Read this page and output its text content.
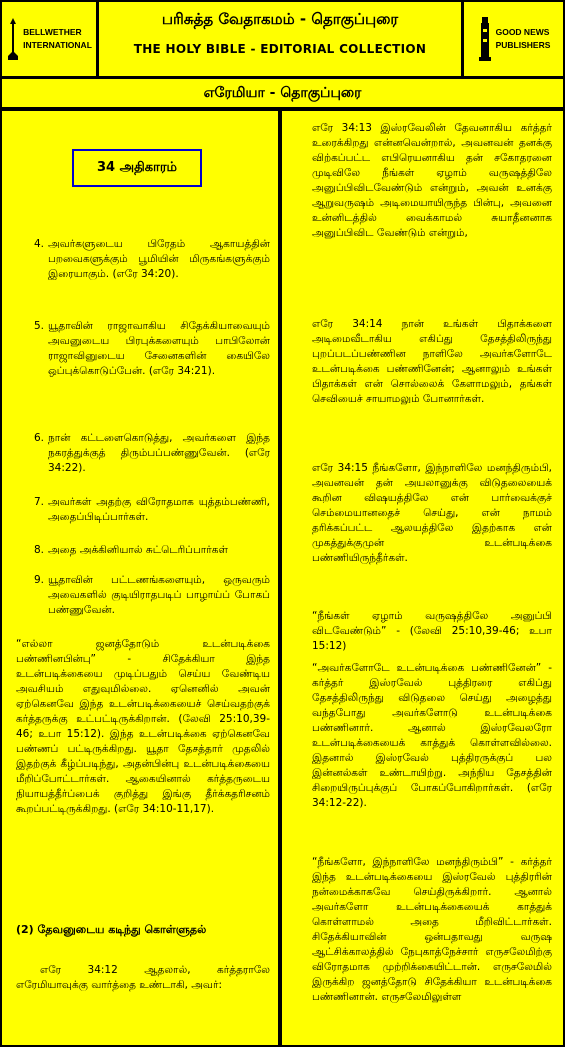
BELLWETHER
INTERNATIONAL
பரிசுத்த வேதாகமம் - தொகுப்புரை
THE HOLY BIBLE - EDITORIAL COLLECTION
GOOD NEWS
PUBLISHERS
எரேமியா - தொகுப்புரை
34 அதிகாரம்
4. அவர்களுடைய பிரேதம் ஆகாயத்தின் பறவைகளுக்கும் பூமியின் மிருகங்களுக்கும் இரையாகும். (எரே 34:20).
5. யூதாவின் ராஜாவாகிய சிதேக்கியாவையும் அவனுடைய பிரபுக்களையும் பாபிலோன் ராஜாவினுடைய சேனைகளின் கையிலே ஒப்புக்கொடுப்பேன். (எரே 34:21).
6. நான் கட்டளைகொடுத்து, அவர்களை இந்த நகரத்துக்குத் திரும்பப்பண்ணுவேன். (எரே 34:22).
7. அவர்கள் அதற்கு விரோதமாக யுத்தம்பண்ணி, அதைப்பிடிப்பார்கள்.
8. அதை அக்கினியால் சுட்டெரிப்பார்கள்
9. யூதாவின் பட்டணங்களையும், ஒருவரும் அவைகளில் குடியிராதபடிப் பாழாய்ப் போகப் பண்ணுவேன்.
“எல்லா ஜனத்தோடும் உடன்படிக்கை பண்ணினபின்பு” - சிதேக்கியா இந்த உடன்படிக்கையை முடிப்பதும் செய்ய வேண்டிய அவசியம் எதுவுமில்லை. ஏனெனில் அவன் ஏற்கெனவே இந்த உடன்படிக்கையைச் செய்வதற்குக் கர்த்தருக்கு உட்பட்டிருக்கிறான். (லேவி 25:10,39-46; உபா 15:12). இந்த உடன்படிக்கை ஏற்கெனவே பண்ணப் பட்டிருக்கிறது. யூதா தேசத்தார் முதலில் இதற்குக் கீழ்ப்படிந்து, அதன்பின்பு உடன்படிக்கையை மீறிப்போட்டார்கள். ஆகையினால் கர்த்தருடைய நியாயத்தீர்ப்பைக் குறித்து இங்கு தீர்க்கதரிசனம் கூறப்பட்டிருக்கிறது. (எரே 34:10-11,17).
(2) தேவனுடைய கடிந்து கொள்ளுதல்
எரே 34:12 ஆதலால், கர்த்தராலே எரேமியாவுக்கு வார்த்தை உண்டாகி, அவர்:
எரே 34:13 இஸ்ரவேலின் தேவனாகிய கர்த்தர் உரைக்கிறது என்னவென்றால், அவனவன் தனக்கு விற்கப்பட்ட எபிரெயனாகிய தன் சகோதரனை முடிவிலே நீங்கள் ஏழாம் வருஷத்திலே அனுப்பிவிடவேண்டும் என்றும், அவன் உனக்கு ஆறுவருஷம் அடிமையாயிருந்த பின்பு, அவனை உன்னிடத்தில் வைக்காமல் சுயாதீனனாக அனுப்பிவிட வேண்டும் என்றும்,
எரே 34:14 நான் உங்கள் பிதாக்களை அடிமைவீடாகிய எகிப்து தேசத்திலிருந்து புறப்படப்பண்ணின நாளிலே அவர்களோடே உடன்படிக்கை பண்ணினேன்; ஆனாலும் உங்கள் பிதாக்கள் என் சொல்லைக் கேளாமலும், தங்கள் செவியைச் சாயாமலும் போனார்கள்.
எரே 34:15 நீங்களோ, இந்நாளிலே மனந்திரும்பி, அவனவன் தன் அயலானுக்கு விடுதலையைக் கூறின விஷயத்திலே என் பார்வைக்குச் செம்மையானதைச் செய்து, என் நாமம் தரிக்கப்பட்ட ஆலயத்திலே இதற்காக என் முகத்துக்குமுன் உடன்படிக்கை பண்ணியிருந்தீர்கள்.
“நீங்கள் ஏழாம் வருஷத்திலே அனுப்பி விடவேண்டும்” - (லேவி 25:10,39-46; உபா 15:12)
“அவர்களோடே உடன்படிக்கை பண்ணினேன்” - கர்த்தர் இஸ்ரவேல் புத்திரரை எகிப்து தேசத்திலிருந்து விடுதலை செய்து அழைத்து வந்தபோது அவர்களோடு உடன்படிக்கை பண்ணினார். ஆனால் இஸ்ரவேலரோ உடன்படிக்கையைக் காத்துக் கொள்ளவில்லை. இதனால் இஸ்ரவேல் புத்திரருக்குப் பல இன்னல்கள் உண்டாயிற்று. அந்நிய தேசத்தின் சிறையிருப்புக்குப் போகப்போகிறார்கள். (எரே 34:12-22).
“நீங்களோ, இந்நாளிலே மனந்திரும்பி” - கர்த்தர் இந்த உடன்படிக்கையை இஸ்ரவேல் புத்திரரின் நன்மைக்காகவே செய்திருக்கிறார். ஆனால் அவர்களோ உடன்படிக்கையைக் காத்துக் கொள்ளாமல் அதை மீறிவிட்டார்கள். சிதேக்கியாவின் ஒன்பதாவது வருஷ ஆட்சிக்காலத்தில் நேபுகாத்நேச்சார் எருசலேமிற்கு விரோதமாக முற்றிக்கையிட்டான். எருசலேமில் இருக்கிற ஜனத்தோடு சிதேக்கியா உடன்படிக்கை பண்ணினான். எருசலேமிலுள்ள
